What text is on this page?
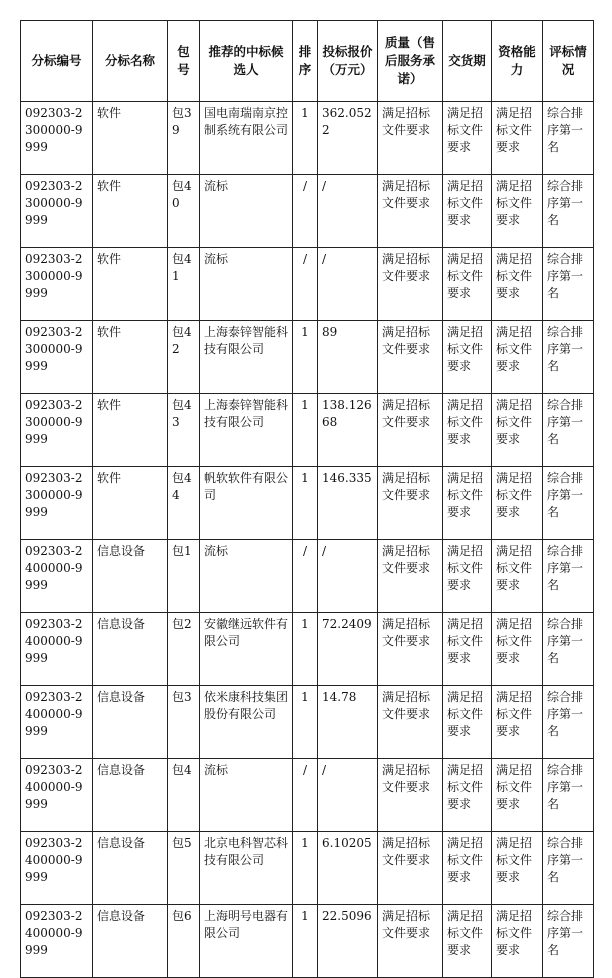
分标编号	分标名称	包号	推荐的中标候选人	排序	投标报价（万元）	质量（售后服务承诺）	交货期	资格能力	评标情况
092303-2300000-9999	软件	包39	国电南瑞南京控制系统有限公司	1	362.0522	满足招标文件要求	满足招标文件要求	满足招标文件要求	综合排序第一名
092303-2300000-9999	软件	包40	流标	/	/	满足招标文件要求	满足招标文件要求	满足招标文件要求	综合排序第一名
092303-2300000-9999	软件	包41	流标	/	/	满足招标文件要求	满足招标文件要求	满足招标文件要求	综合排序第一名
092303-2300000-9999	软件	包42	上海泰锌智能科技有限公司	1	89	满足招标文件要求	满足招标文件要求	满足招标文件要求	综合排序第一名
092303-2300000-9999	软件	包43	上海泰锌智能科技有限公司	1	138.12668	满足招标文件要求	满足招标文件要求	满足招标文件要求	综合排序第一名
092303-2300000-9999	软件	包44	帆软软件有限公司	1	146.335	满足招标文件要求	满足招标文件要求	满足招标文件要求	综合排序第一名
092303-2400000-9999	信息设备	包1	流标	/	/	满足招标文件要求	满足招标文件要求	满足招标文件要求	综合排序第一名
092303-2400000-9999	信息设备	包2	安徽继远软件有限公司	1	72.2409	满足招标文件要求	满足招标文件要求	满足招标文件要求	综合排序第一名
092303-2400000-9999	信息设备	包3	依米康科技集团股份有限公司	1	14.78	满足招标文件要求	满足招标文件要求	满足招标文件要求	综合排序第一名
092303-2400000-9999	信息设备	包4	流标	/	/	满足招标文件要求	满足招标文件要求	满足招标文件要求	综合排序第一名
092303-2400000-9999	信息设备	包5	北京电科智芯科技有限公司	1	6.10205	满足招标文件要求	满足招标文件要求	满足招标文件要求	综合排序第一名
092303-2400000-9999	信息设备	包6	上海明号电器有限公司	1	22.5096	满足招标文件要求	满足招标文件要求	满足招标文件要求	综合排序第一名
